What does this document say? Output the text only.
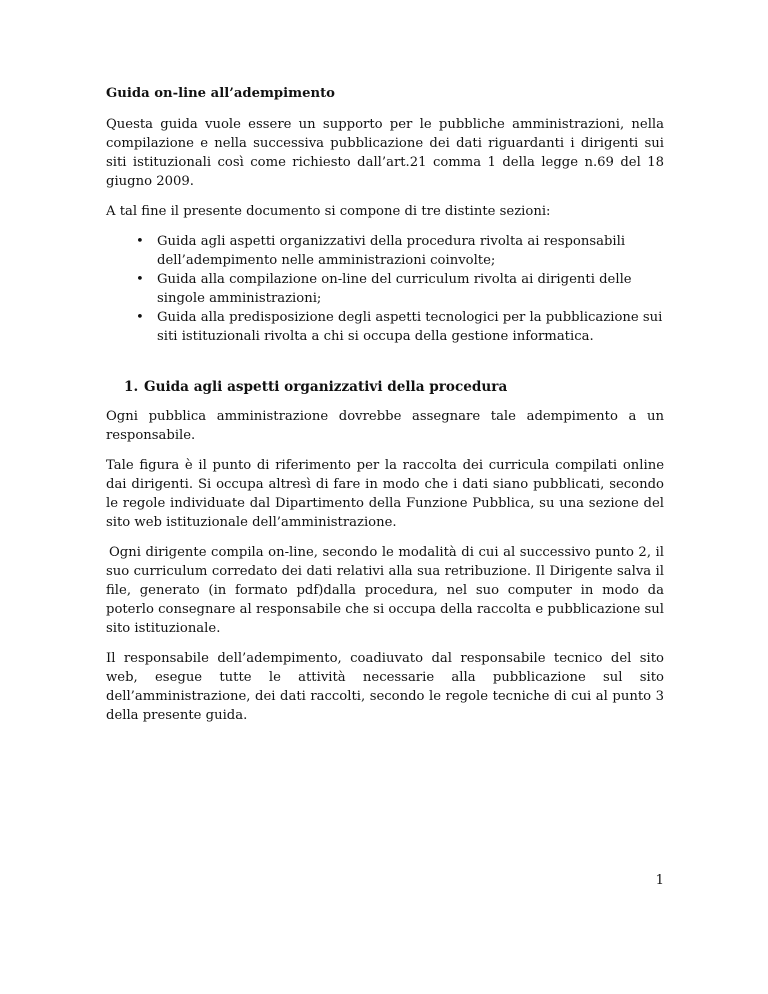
Guida on-line all’adempimento

Questa guida vuole essere un supporto per le pubbliche amministrazioni, nella compilazione e nella successiva pubblicazione dei dati riguardanti i dirigenti sui siti istituzionali così come richiesto dall’art.21 comma 1 della legge n.69 del 18 giugno 2009.

A tal fine il presente documento si compone di tre distinte sezioni:

• Guida agli aspetti organizzativi della procedura rivolta ai responsabili dell’adempimento nelle amministrazioni coinvolte;
• Guida alla compilazione on-line del curriculum rivolta ai dirigenti delle singole amministrazioni;
• Guida alla predisposizione degli aspetti tecnologici per la pubblicazione sui siti istituzionali rivolta a chi si occupa della gestione informatica.
1. Guida agli aspetti organizzativi della procedura

Ogni pubblica amministrazione dovrebbe assegnare tale adempimento a un responsabile.

Tale figura è il punto di riferimento per la raccolta dei curricula compilati online dai dirigenti. Si occupa altresì di fare in modo che i dati siano pubblicati, secondo le regole individuate dal Dipartimento della Funzione Pubblica, su una sezione del sito web istituzionale dell’amministrazione.

Ogni dirigente compila on-line, secondo le modalità di cui al successivo punto 2, il suo curriculum corredato dei dati relativi alla sua retribuzione. Il Dirigente salva il file, generato (in formato pdf)dalla procedura, nel suo computer in modo da poterlo consegnare al responsabile che si occupa della raccolta e pubblicazione sul sito istituzionale.

Il responsabile dell’adempimento, coadiuvato dal responsabile tecnico del sito web, esegue tutte le attività necessarie alla pubblicazione sul sito dell’amministrazione, dei dati raccolti, secondo le regole tecniche di cui al punto 3 della presente guida.

1
